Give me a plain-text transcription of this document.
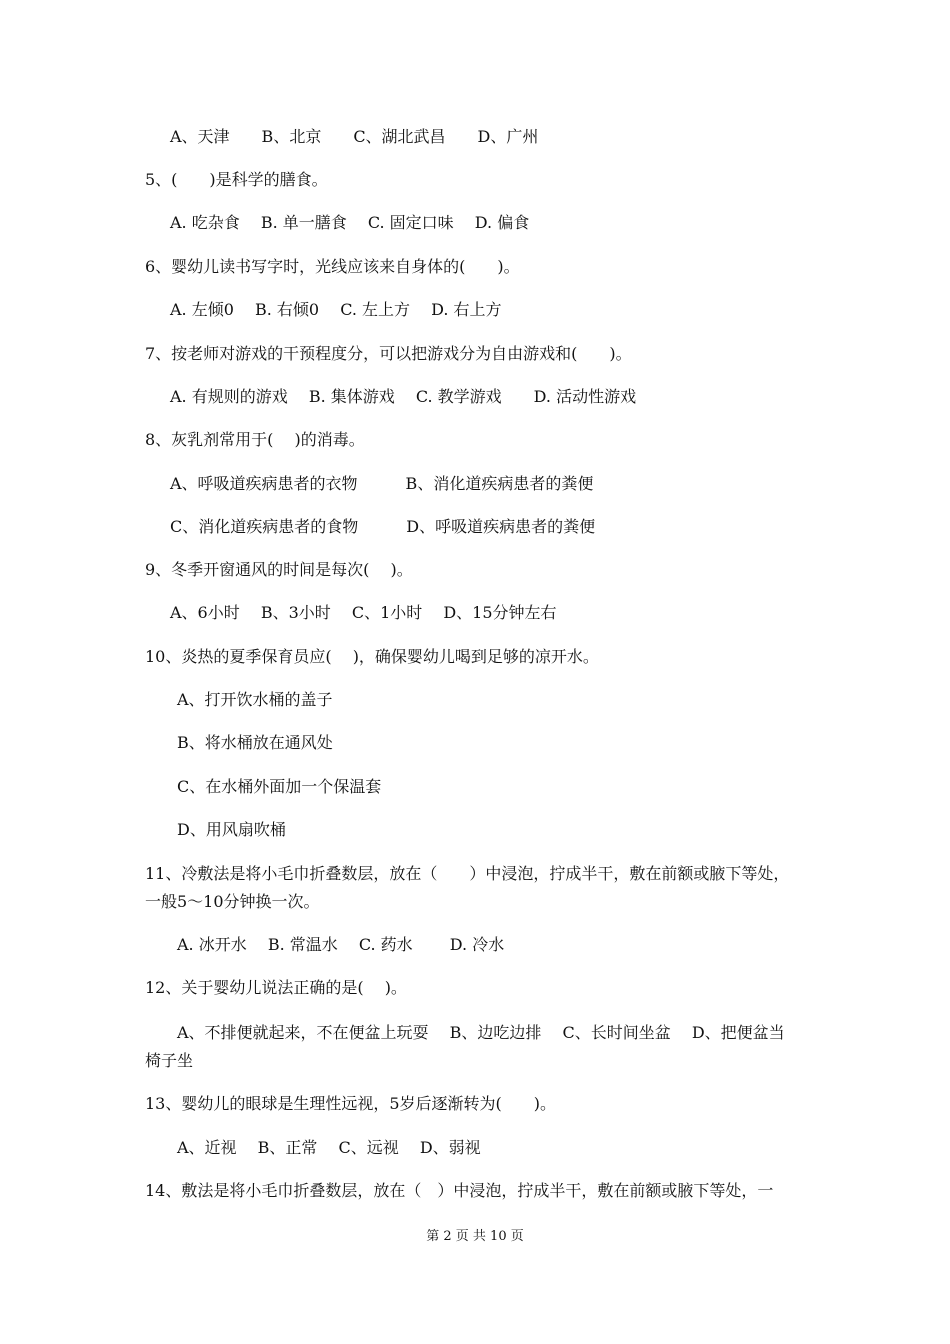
A、天津　　B、北京　　C、湖北武昌　　D、广州
5、(　　)是科学的膳食。
A. 吃杂食　 B. 单一膳食　 C. 固定口味　 D. 偏食
6、婴幼儿读书写字时，光线应该来自身体的(　　)。
A. 左倾0　 B. 右倾0　 C. 左上方　 D. 右上方
7、按老师对游戏的干预程度分，可以把游戏分为自由游戏和(　　)。
A. 有规则的游戏　 B. 集体游戏　 C. 教学游戏　　D. 活动性游戏
8、灰乳剂常用于(　 )的消毒。
A、呼吸道疾病患者的衣物　　　B、消化道疾病患者的粪便
C、消化道疾病患者的食物　　　D、呼吸道疾病患者的粪便
9、冬季开窗通风的时间是每次(　 )。
A、6小时　 B、3小时　 C、1小时　 D、15分钟左右
10、炎热的夏季保育员应(　 )，确保婴幼儿喝到足够的凉开水。
A、打开饮水桶的盖子
B、将水桶放在通风处
C、在水桶外面加一个保温套
D、用风扇吹桶
11、冷敷法是将小毛巾折叠数层，放在（　　）中浸泡，拧成半干，敷在前额或腋下等处，
一般5～10分钟换一次。
A. 冰开水　 B. 常温水　 C. 药水　　 D. 冷水
12、关于婴幼儿说法正确的是(　 )。
A、不排便就起来，不在便盆上玩耍　 B、边吃边排　 C、长时间坐盆　 D、把便盆当
椅子坐
13、婴幼儿的眼球是生理性远视，5岁后逐渐转为(　　)。
A、近视　 B、正常　 C、远视　 D、弱视
14、敷法是将小毛巾折叠数层，放在（　）中浸泡，拧成半干，敷在前额或腋下等处，一
第 2 页 共 10 页
